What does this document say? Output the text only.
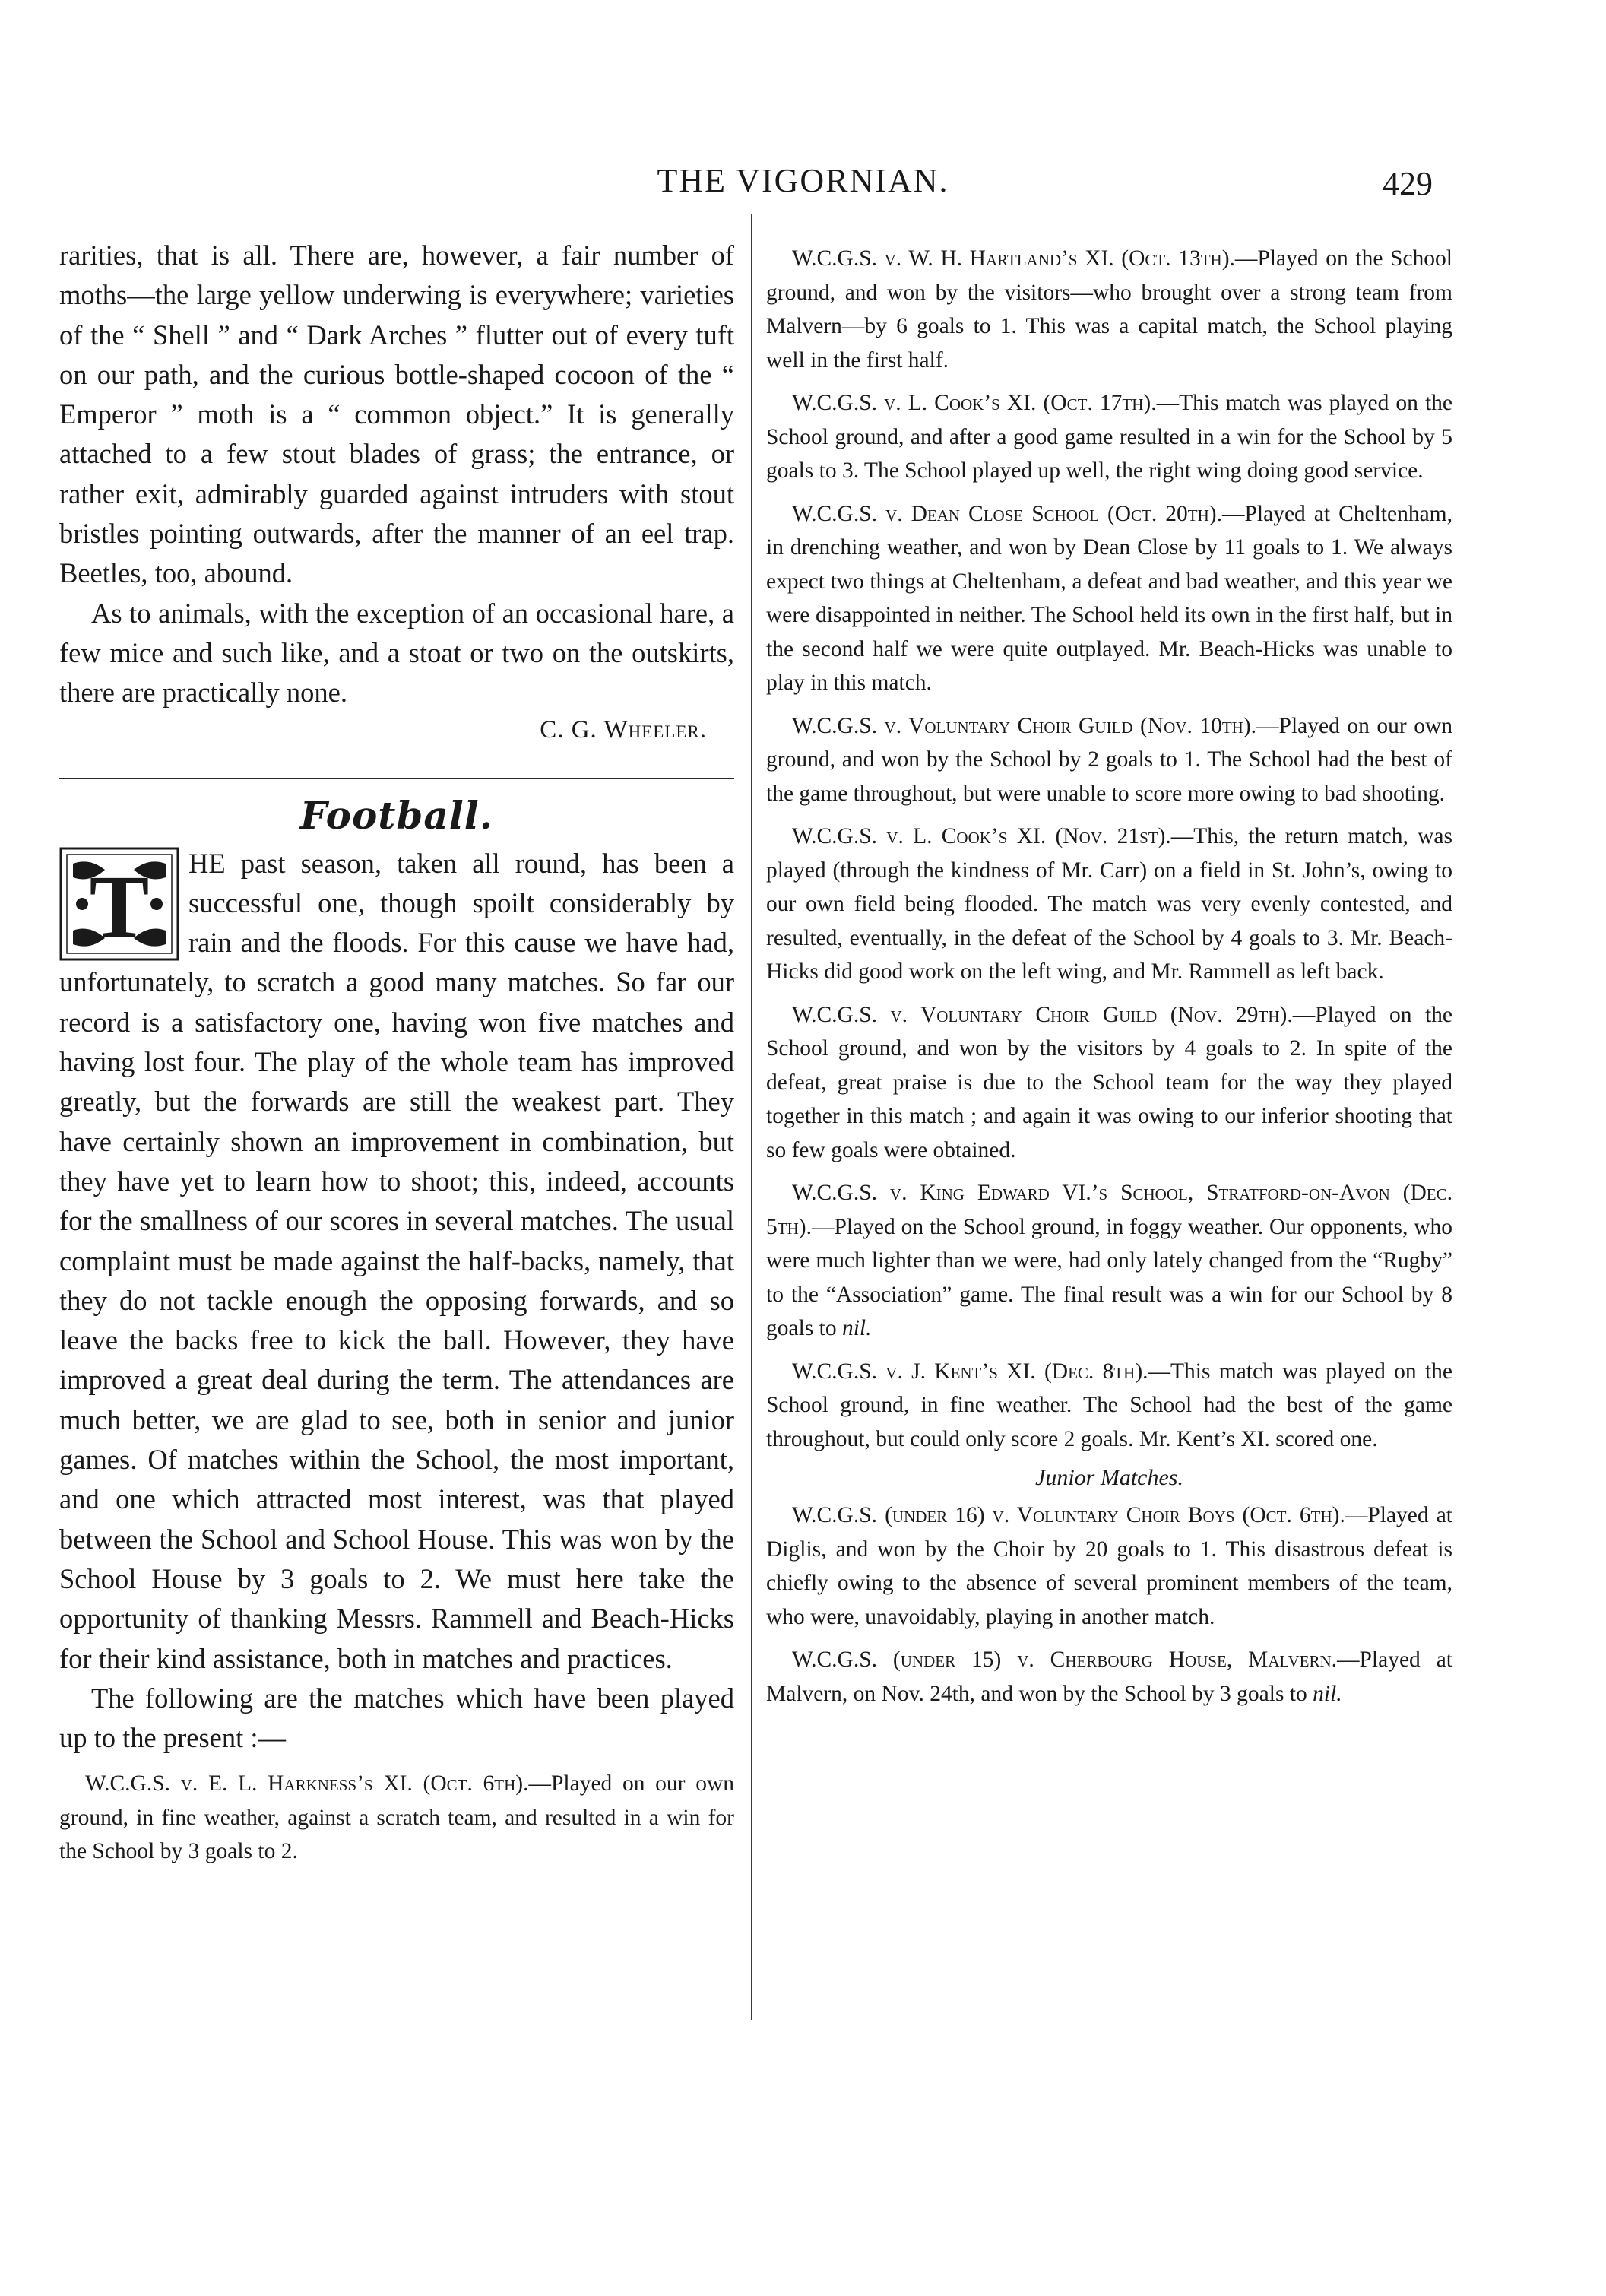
THE VIGORNIAN.	429

rarities, that is all. There are, however, a fair number of moths—the large yellow underwing is everywhere; varieties of the “ Shell ” and “ Dark Arches ” flutter out of every tuft on our path, and the curious bottle-shaped cocoon of the “ Emperor ” moth is a “ common object.” It is generally attached to a few stout blades of grass; the entrance, or rather exit, admirably guarded against intruders with stout bristles pointing outwards, after the manner of an eel trap. Beetles, too, abound.

As to animals, with the exception of an occasional hare, a few mice and such like, and a stoat or two on the outskirts, there are practically none.

C. G. Wheeler.
Football.

T HE past season, taken all round, has been a successful one, though spoilt considerably by rain and the floods. For this cause we have had, unfortunately, to scratch a good many matches. So far our record is a satisfactory one, having won five matches and having lost four. The play of the whole team has improved greatly, but the forwards are still the weakest part. They have certainly shown an improvement in combination, but they have yet to learn how to shoot; this, indeed, accounts for the smallness of our scores in several matches. The usual complaint must be made against the half-backs, namely, that they do not tackle enough the opposing forwards, and so leave the backs free to kick the ball. However, they have improved a great deal during the term. The attendances are much better, we are glad to see, both in senior and junior games. Of matches within the School, the most important, and one which attracted most interest, was that played between the School and School House. This was won by the School House by 3 goals to 2. We must here take the opportunity of thanking Messrs. Rammell and Beach-Hicks for their kind assistance, both in matches and practices.

The following are the matches which have been played up to the present :—

W.C.G.S. v. E. L. Harkness’s XI. (Oct. 6th).—Played on our own ground, in fine weather, against a scratch team, and resulted in a win for the School by 3 goals to 2.

W.C.G.S. v. W. H. Hartland’s XI. (Oct. 13th).—Played on the School ground, and won by the visitors—who brought over a strong team from Malvern—by 6 goals to 1. This was a capital match, the School playing well in the first half.

W.C.G.S. v. L. Cook’s XI. (Oct. 17th).—This match was played on the School ground, and after a good game resulted in a win for the School by 5 goals to 3. The School played up well, the right wing doing good service.

W.C.G.S. v. Dean Close School (Oct. 20th).—Played at Cheltenham, in drenching weather, and won by Dean Close by 11 goals to 1. We always expect two things at Cheltenham, a defeat and bad weather, and this year we were disappointed in neither. The School held its own in the first half, but in the second half we were quite outplayed. Mr. Beach-Hicks was unable to play in this match.

W.C.G.S. v. Voluntary Choir Guild (Nov. 10th).—Played on our own ground, and won by the School by 2 goals to 1. The School had the best of the game throughout, but were unable to score more owing to bad shooting.

W.C.G.S. v. L. Cook’s XI. (Nov. 21st).—This, the return match, was played (through the kindness of Mr. Carr) on a field in St. John’s, owing to our own field being flooded. The match was very evenly contested, and resulted, eventually, in the defeat of the School by 4 goals to 3. Mr. Beach-Hicks did good work on the left wing, and Mr. Rammell as left back.

W.C.G.S. v. Voluntary Choir Guild (Nov. 29th).—Played on the School ground, and won by the visitors by 4 goals to 2. In spite of the defeat, great praise is due to the School team for the way they played together in this match ; and again it was owing to our inferior shooting that so few goals were obtained.

W.C.G.S. v. King Edward VI.’s School, Stratford-on-Avon (Dec. 5th).—Played on the School ground, in foggy weather. Our opponents, who were much lighter than we were, had only lately changed from the “Rugby” to the “Association” game. The final result was a win for our School by 8 goals to nil.

W.C.G.S. v. J. Kent’s XI. (Dec. 8th).—This match was played on the School ground, in fine weather. The School had the best of the game throughout, but could only score 2 goals. Mr. Kent’s XI. scored one.

Junior Matches.

W.C.G.S. (under 16) v. Voluntary Choir Boys (Oct. 6th).—Played at Diglis, and won by the Choir by 20 goals to 1. This disastrous defeat is chiefly owing to the absence of several prominent members of the team, who were, unavoidably, playing in another match.

W.C.G.S. (under 15) v. Cherbourg House, Malvern.—Played at Malvern, on Nov. 24th, and won by the School by 3 goals to nil.
